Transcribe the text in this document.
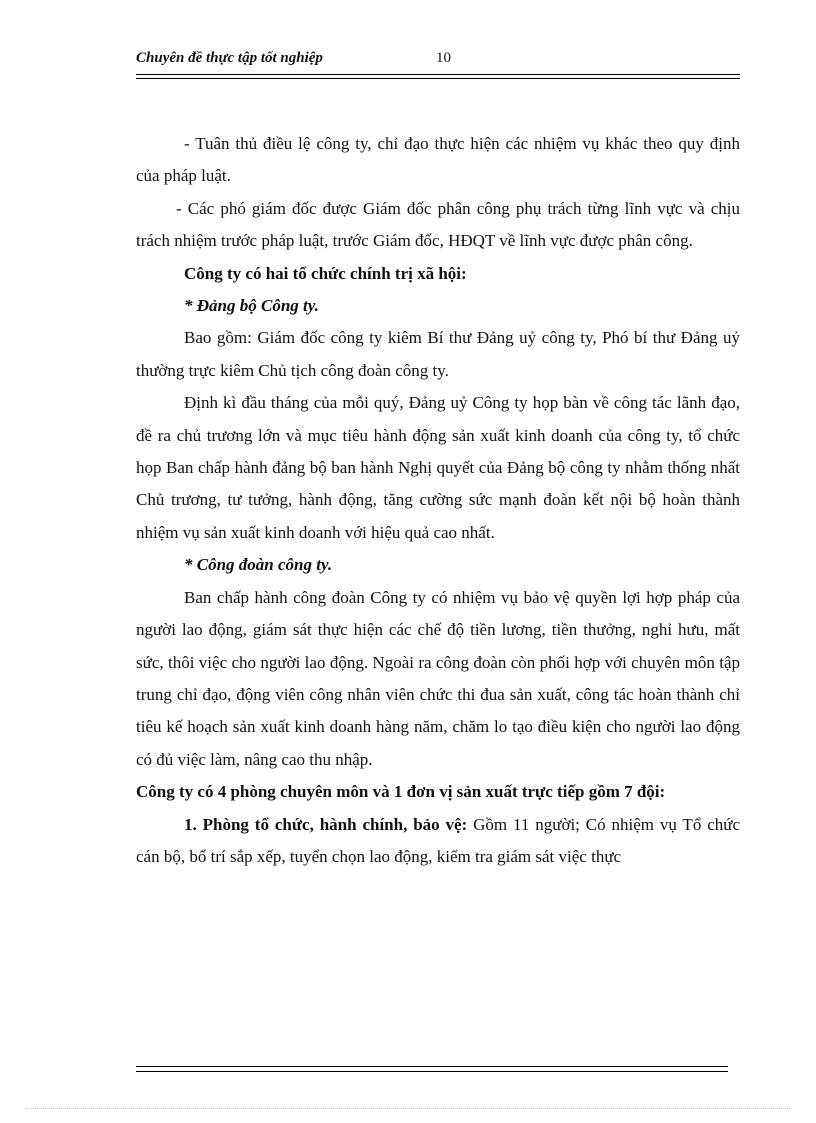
Chuyên đề thực tập tốt nghiệp	10

- Tuân thủ điều lệ công ty, chỉ đạo thực hiện các nhiệm vụ khác theo quy định của pháp luật.

- Các phó giám đốc được Giám đốc phân công phụ trách từng lĩnh vực và chịu trách nhiệm trước pháp luật, trước Giám đốc, HĐQT về lĩnh vực được phân công.

Công ty có hai tổ chức chính trị xã hội:

* Đảng bộ Công ty.

Bao gồm: Giám đốc công ty kiêm Bí thư Đảng uỷ công ty, Phó bí thư Đảng uỷ thường trực kiêm Chủ tịch công đoàn công ty.

Định kì đầu tháng của mỗi quý, Đảng uỷ Công ty họp bàn về công tác lãnh đạo, đề ra chủ trương lớn và mục tiêu hành động sản xuất kinh doanh của công ty, tổ chức họp Ban chấp hành đảng bộ ban hành Nghị quyết của Đảng bộ công ty nhằm thống nhất Chủ trương, tư tưởng, hành động, tăng cường sức mạnh đoàn kết nội bộ hoàn thành nhiệm vụ sản xuất kinh doanh với hiệu quả cao nhất.

* Công đoàn công ty.

Ban chấp hành công đoàn Công ty có nhiệm vụ bảo vệ quyền lợi hợp pháp của người lao động, giám sát thực hiện các chế độ tiền lương, tiền thưởng, nghỉ hưu, mất sức, thôi việc cho người lao động. Ngoài ra công đoàn còn phối hợp với chuyên môn tập trung chỉ đạo, động viên công nhân viên chức thi đua sản xuất, công tác hoàn thành chỉ tiêu kế hoạch sản xuất kinh doanh hàng năm, chăm lo tạo điều kiện cho người lao động có đủ việc làm, nâng cao thu nhập.

Công ty có 4 phòng chuyên môn và 1 đơn vị sản xuất trực tiếp gồm 7 đội:

1. Phòng tổ chức, hành chính, bảo vệ: Gồm 11 người; Có nhiệm vụ Tổ chức cán bộ, bố trí sắp xếp, tuyển chọn lao động, kiểm tra giám sát việc thực
